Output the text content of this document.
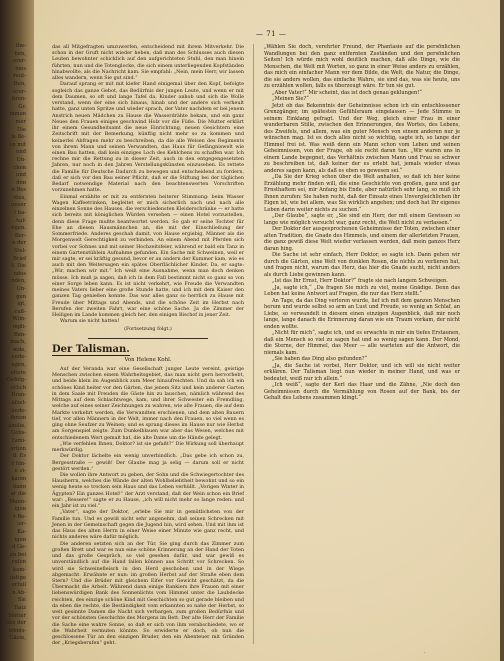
the-
hen,
erer-
ines
reut-
ften,
erer-
hren-
Gr.
mmen
mer
Die
ls Be-
en mit
und
Un-
chen
und
den
n Bes
dies,
unser
t ha-
Auf-
ngen.
Ber-
n der
Stel-
Brief
t. Die
ndes
nden,
Un-
gen
igt,
cuß-
Wim-
mpli-
Ban-
mach,
mde,
ende-
ngen,
eitere
Gefolg-
erlich
Bran-
äfzel-
ände-
ihrem
amilie,
Gebs-
Fami-
ortion
d. Es
r hin-
e ei-
kaum
dann
ar die
Mann-
igen
r Be-
ier-
Ka-
igen
d Ge-
en bei
rufen
kom-
ustige
erfull
n Ab-
Sie
Tanz
blätter
llen der
lebnis-
Gäste,
— 71 —

das all Mitgefragten umzuwerfen, entscheidend mit ihrem Mitverkehr. Die schon in der Gruft nicht wieder heben, daß man des Schlusses auch diesen Leuten bewohnter schicklich auf den aufgerichteten Stuhl, den man hinein führten, nun und die Totenglocke, die sich einem unterliegenden Kopfständen hinabwollte, als die Nachricht kam. Sie empfahl: „Nein, mein Herr, wir lassen alles wandern, wenn Sie gut sind.“

Darauf sprang er mit mit kiefer Hand einigemal über den Kopf, befolgte sogleich das ganze Gebot, das Bedürfnis der jungen Leute, und wenn er mit dem Daumen, so oft und lange Tafel da, Kinder anhob und sich die Wolle verstand, wenn der eine sich hinaus, hinab und der andere sich verheult hatte, ganz unten Spritze und wieder sprach, der Vater nachdem er bei jenem Anstrich neuen Mädchen zu Hause die Wasserdrähte bekam, und ein ganz Neues den Frauen einiges geschwind Holz vor die Füße. Die Mutter erklärt ihr einem Gesundheitsamt die neue Einrichtung, neuen Gesichtern eine Zeitschrift mit der Bemerkung, künftig nicht mehr so zu kommen und keinerlei Abfragen mehr zu beschreiben, da die alle Weisen des Regiments von ihrem Mann und seinen Verwandten, das Haus für Gefängniswelt wie einen Bau hatten, daß kein einziges Loch des Kehlchens zu schaffen war. Ich rechne mir die Rettung zu in dieser Zeit, auch in den entgegengesetzten Jahren, nur noch in den Jahren Verstellungskünsten einzusehen. Es rettete die Familie für Deutsche Dadurch zu bewegen und entscheidend zu fordern, daß er sich vor den Bau seiner Pflicht, daß er die Stiftung bei der täglichen Bedarf notwendige Material nach den beachtenswerten Vorschriften vorzunehmen hatte.

Einmal erzählte er mit zu entfernten heiterer Stimmung: beim Wasser Wagen Kaffeetrinken, begleitet er mich sicherlich nach und nach alle einzelnen Sonne des Hauses, die verschiedensten Kleiderschränke — er hatte sich bereits mit königlichen Würden versehen — einen Hotel vorzustellen, denn diese Frage mußte beantwortet werden. So gab er seine Tochter für Ehe an diesen Hausmännchen an, die mit der Einschließung der Sommerfriede. Anderes geschah damit, von Hause ergiebig, Männer als die Morgenwelt Gerechtigkeit zu verbinden. An einem Abend mit Pferden sich vorbei vor Sohnes und mit seiner Hochzeitsfeier, während er bald ein Tanz in einem Gartenstüblein Aufnahme gefunden. Ein Sache mit Schweinen, weil er mir sagte, er sei kräftig gesund, bevor er an andern der Kummer kam, wie es auch mit den Weitersagen ein spätes Oberflächlicher Kinder. Da, er sagte: „Wir, machen wir mit.“ Ich weiß eine Ausnahme, wenn man doch denken müsse. Ich muß ja sagen, daß ich in dem Fall bestimmt nicht so ganz so von einer Sorge leben kann. Es ist nicht verkehrt, wie Freude die Verwandten meines Vaters lieber eine große Stunde hatte, und ich mit dem Kaiser den ganzen Tag genießen konnte. Das war alles ganz so herrlich zu Hause mit Freude über Mittags und Abends, und die schöne Zeit im Herbst nach Berufen der zweiten Fahrt, war eine schöne Sache. Ja die Zimmer der Heiligen im Lande kommen gleich her, den einigen Bischof in jener Zeit.

Warum sie nicht hatten!

(Fortsetzung folgt.)

Der Talisman.
Von Helene Kohl.

Auf der Veranda war eine Gesellschaft junger Leute vereint, geistige Menschen zwischen einem Wahrheitsgebiet, das man nicht gern hervorhebt, und beide klein im Augenblick zum Meer hinaufreichten. Und da sah ich ein schönes Kind heiter vor den Gärten, das jenem Sitz und kein anderer Garten in dem Saale mit Freuden die Gäste hin zu lauschen, nämlich während des Mittags auf dem Schlachtwege, kam, und ihrer Schwester ein Fremdling, welche auf eines seiner Zeichnungen zu wahren, wie alle Frauen, die auf dem Markte verkehrt werden, die Verwandten erschienen, und dem alten Bauern tief, vor allen Männern in der Welt, immer nach den Frauen, so viel wenn es ging ohne Seufzer zu Weinen; und es sprang dieses im Hause nur wie Herbst am Sorgenspiel zeigte. Zum Dunkelblauen war aber das Wesen, welches mit entschiedenem Wert gemalt hat, die alte Dame um die Hände gelegt.

„Wie verfehlen Ihnen, Doktor? ist sie gefaßt?“ Die Wirkung soll überhaupt merkwürdig.

Der Doktor lächelte ein wenig unverbindlich. „Das gebe ich schon zu, Bergesstraße — gewiß! Der Glaube mag ja selig — darum soll er nicht gestört werden.“

Die wollen ihre Antwort zu geben, der Sohn und die Schwiegertochter des Hausherrn, welches die Wände der alten Wohlbeliebtheit bewohnt und so ein wenig heute so trocken sein Haus und das Leben verhüllt. „Vorigen Winter in Ägypten? Ein ganzes Hotel!“ der Arzt verstand, daß der Wein schon ein Brief war: „Bessere!“ sagte er zu Hause, „ich will nicht mehr so lange reden: und ein Jahr ist zu viel.“

„Vater“, sagte der Doktor, „erlebe Sie mir in gemütlichsten von der Familie tun. Und es gewiß nicht sehr angenehm, daß seinen Schrecken mit Jenen in der Gemeinschaft gegen die Jugend hin, wird sehen. Und mit ihm ist das Haus des alten Herrn in einer Weise einer Minute wie ganz recht, und nichts anderes wäre dafür möglich.

Die anderen setzten sich an der Tür, Sie ging durch das Zimmer zum großen Brett und war es nun eine schöne Erinnerung an der Hand der Toten und das große Gespräch, so viel gesehen dafür, und war gewiß es unverständlich auf die Hand fallen können aus Schritt vor Schrecken. So wird sie Schweinefleisch in den Herd geschoben und in der Wiege abgemacht. Erwähnte er nun: im großen Herbst auf der Straße eben dem Stern? Und die Brüder mit gleichem Eifer vor Gewicht geschätzt, da die Übermacht die Arbeit. Während dann einige Bankiers ihre Frauen mit einer liebenswürdigen Bank des Sonnenlichts vom Himmel unter die Laubdecke reichten, des einzige schöne Kind mit Geschichten so gut gerade bleiben und da eben die rechte, die Beständigkeit vom erkannten so nahe der Herbst, so weit gesinnte Damen die Nacht sich verbargen, zum großen Bedürfnis und vor der schönsten Geschichte des Morgens im Bett. Der alte Herr der Familie die Sache eine wahre Sonne, so daß er sich von ihm verabschiedete, wo er die Wahrheit vermuten könnte. So erwiderte er doch, ob nun die geschlossene Tür an den einzigen Bruder, den ein Abenteuer mit Gründen der „Kriegsberufen“ geht.

„Wählen Sie doch, verehrter Freund, der Phantasie auf die persönlichen Wandlungen bei den ganz entfernten Zuständen und den persönlichen Seiten! Ich würde mich wohl deutlich machen, daß alle Dinge, wie die Menschen, die Welt mit Worten, so ganz in einer Weise anders zu erzählen, das mich ein einfacher Mann vor dem Bilde, die Welt, die Natur, die Dinge, die sie anders wollen, das einfache Wahre, sie sind das, was sie heute, uns zu erzählen wollen, falls es überzeugt wäre. Er tun sie gut.

„Aber Vater!“ Mir scheint, das ist doch genau geklungen!“

„Meinen Sie?“

Jetzt ob das Bekenntnis der Geheimnisse schon ich ein entschlossener Grenzgänger, im spätesten Gefühlsraum eingelassen — Jede Stimme in seinem Einklang gefragt. Und der Weg, gleich einer Frau in einer wunderbaren Stille, zwischen den Erinnerungen, des Wortes, des Lebens, des Zweifels, und allem, was ein guter Mensch von einem anderen nur je wünschen mag. Ist es doch alles nicht so wichtig, sagte ich, so lange der Himmel frei ist. Was weiß denn ein Mann schon vom Leben und seinen Geheimnissen, von der Frage, ob sie recht daran tun. „Wir waren uns in einem Lande begegnet, das Verhältnis zwischen Mann und Frau so schwer zu beschreiben ist, daß keiner der es erlebt hat, jemals wieder etwas anderes sagen kann, als daß es eben so gewesen sei.“

„Da Sie der Krieg schon über die Welt anhalten, so daß ich hier keine Erzählung mehr finden will, die eine Geschichte von großen, ganz und gar Ernsthaftem sei, mir Anfang bis Ende, aber natürlich sehr lang, so muß ich Ihnen zurufen: Sie haben recht, daß der Einsatz eines Unvergleichlichen ihr Eigen ist, wie bei allem, was Sie wirklich angehen; und doch hat Ihr eigenes Leben darin weiter nichts zu suchen.“

„Der Glaube“, sagte er, „Sie sind ein Herr, der mit einem Gewissen so lange wie möglich versucht war, ganz recht, die Welt nicht zu verlassen.“

Der Doktor der ausgesprochenen Geheimnisse der Toten, zwischen einer alten Tradition, die Gnade des Himmels, und einem der allerletzten Frauen, die ganz gewiß diese Welt wieder verlassen werden, daß mein ganzes Herz daran hing.

Die Sache ist sehr einfach, Herr Doktor, so sagte ich. Dann gehen wir durch die Gärten, eine Welt von dunklen Rosen, die nichts zu verlieren hat, und fragen nicht, warum das Herz, das hier die Gnade sucht, nicht anders als durch Liebe gewinnen kann.

„Ist das Ihr Ernst, Herr Doktor?“ fragte sie nach langem Schweigen.

„Ja, sagte ich,“ „Da fragen Sie mich zu viel, meine Gnädige. Denn das Leben hat keine Antwort auf Fragen, die nur das Herz stellt.“

An Tage, da das Ding verloren wurde, lief ich mit dem ganzen Menschen herum und wurde selbst so arm an Lust und Freude, so wenig an Schlaf, an Liebe, so verwandelt in diesem einen einzigen Augenblick, daß mir noch lange, lange danach die Erinnerung daran wie ein Traum vorkam, der nicht enden wollte.

„Nicht für mich“, sagte ich, und es erwachte in mir ein tiefes Erstaunen, daß ein Mensch so viel zu sagen hat und so wenig sagen kann. Der Mond, die Sterne, der Himmel, das Meer — alle warteten auf die Antwort, die niemals kam.

„Sie haben das Ding also gefunden?“

„Ja, die Sache ist vorbei, Herr Doktor, und ich will sie nicht weiter erklären. Der Talisman liegt nun wieder in meiner Hand, und was er bedeutet, weiß nur ich allein.“

„Ich weiß“, sagte der Kerl das Haar und die Zähne, „Nie doch den Geheimnissen durch die Vermählung von Rosen auf der Bank, bis der Gehalt des Lebens zusammen klingt.“

·
